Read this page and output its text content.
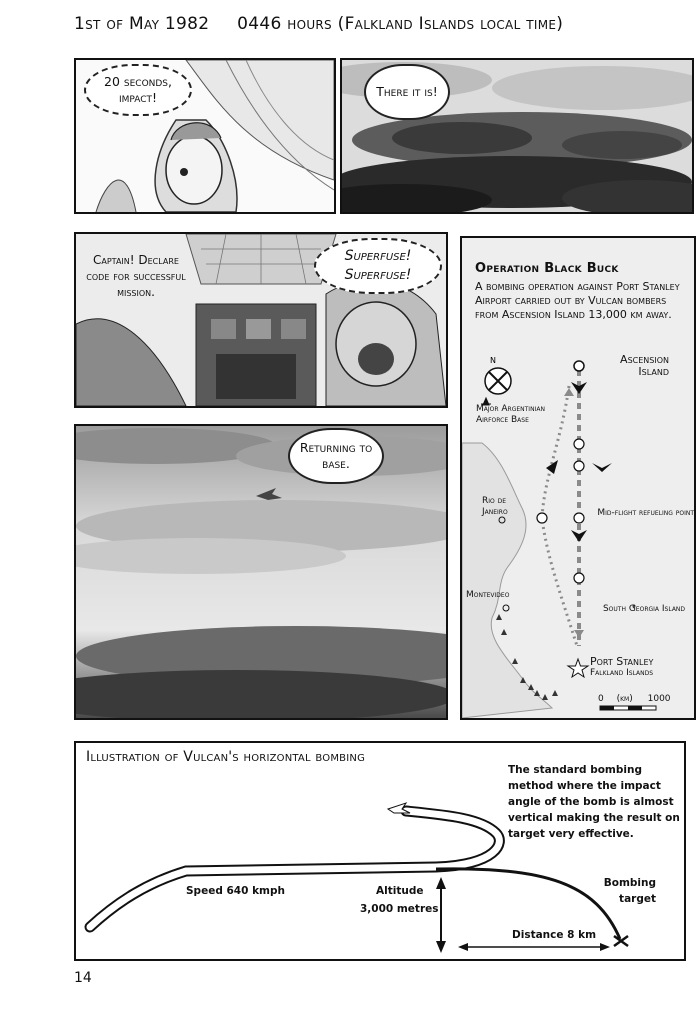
1st of May 1982 0446 hours (Falkland Islands local time)
20 seconds, impact!	There it is!
Captain! Declare code for successful mission.
Superfuse! Superfuse!
Returning to base.
Operation Black Buck
A bombing operation against Port Stanley Airport carried out by Vulcan bombers from Ascension Island 13,000 km away.
N	Ascension Island
Major Argentinian Airforce Base
Rio de Janeiro	Mid-flight refueling point
Montevideo
South Georgia Island
Port Stanley
Falkland Islands
0 (km) 1000
Illustration of Vulcan's horizontal bombing
The standard bombing method where the impact angle of the bomb is almost vertical making the result on target very effective.
Speed 640 kmph	Altitude
3,000 metres
Bombing target
Distance 8 km
14
